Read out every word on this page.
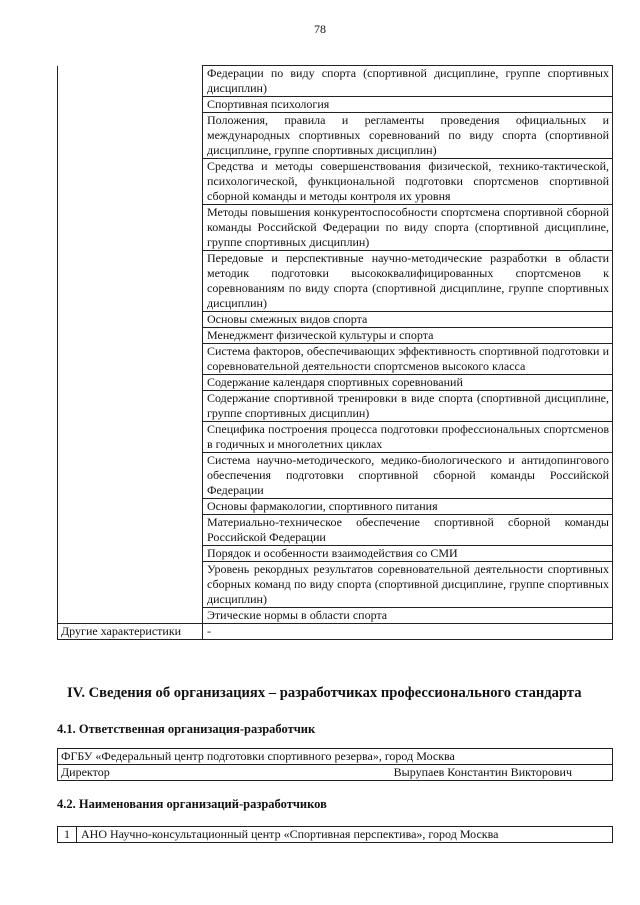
78
	Федерации по виду спорта (спортивной дисциплине, группе спортивных дисциплин)
	Спортивная психология
	Положения, правила и регламенты проведения официальных и международных спортивных соревнований по виду спорта (спортивной дисциплине, группе спортивных дисциплин)
	Средства и методы совершенствования физической, технико-тактической, психологической, функциональной подготовки спортсменов спортивной сборной команды и методы контроля их уровня
	Методы повышения конкурентоспособности спортсмена спортивной сборной команды Российской Федерации по виду спорта (спортивной дисциплине, группе спортивных дисциплин)
	Передовые и перспективные научно-методические разработки в области методик подготовки высококвалифицированных спортсменов к соревнованиям по виду спорта (спортивной дисциплине, группе спортивных дисциплин)
	Основы смежных видов спорта
	Менеджмент физической культуры и спорта
	Система факторов, обеспечивающих эффективность спортивной подготовки и соревновательной деятельности спортсменов высокого класса
	Содержание календаря спортивных соревнований
	Содержание спортивной тренировки в виде спорта (спортивной дисциплине, группе спортивных дисциплин)
	Специфика построения процесса подготовки профессиональных спортсменов в годичных и многолетних циклах
	Система научно-методического, медико-биологического и антидопингового обеспечения подготовки спортивной сборной команды Российской Федерации
	Основы фармакологии, спортивного питания
	Материально-техническое обеспечение спортивной сборной команды Российской Федерации
	Порядок и особенности взаимодействия со СМИ
	Уровень рекордных результатов соревновательной деятельности спортивных сборных команд по виду спорта (спортивной дисциплине, группе спортивных дисциплин)
	Этические нормы в области спорта
Другие характеристики	-
IV. Сведения об организациях – разработчиках профессионального стандарта
4.1. Ответственная организация-разработчик
ФГБУ «Федеральный центр подготовки спортивного резерва», город Москва
Директор	Вырупаев Константин Викторович
4.2. Наименования организаций-разработчиков
1	АНО Научно-консультационный центр «Спортивная перспектива», город Москва
